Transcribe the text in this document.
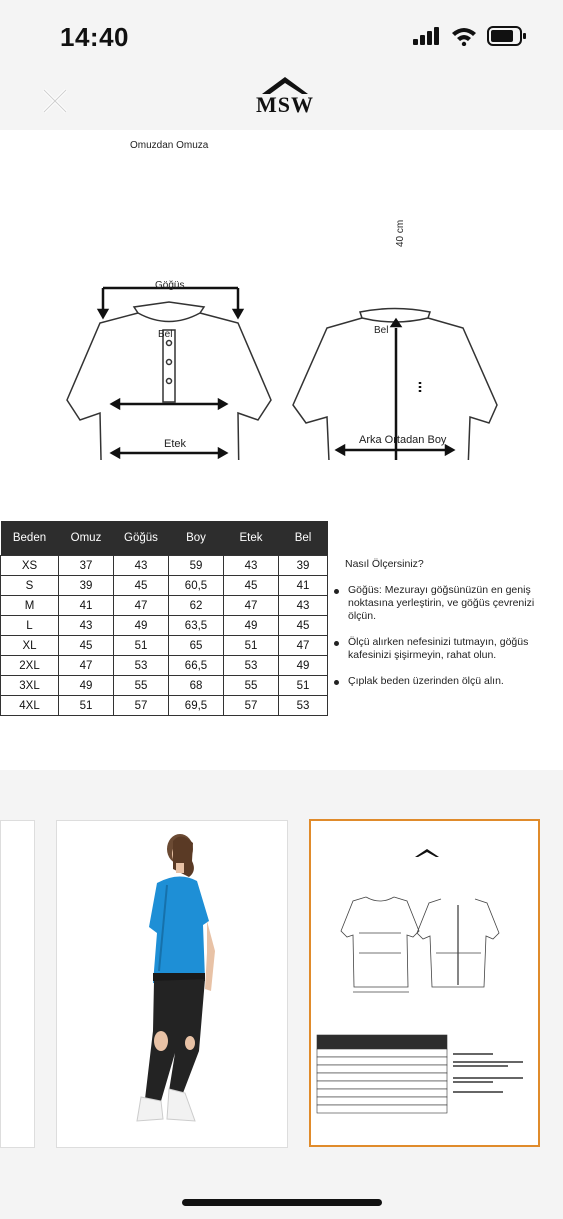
14:40
MSW
Omuzdan Omuza
Göğüs
Bel
Etek
Bel
40 cm
Arka Ortadan Boy
Beden	Omuz	Göğüs	Boy	Etek	Bel
XS	37	43	59	43	39
S	39	45	60,5	45	41
M	41	47	62	47	43
L	43	49	63,5	49	45
XL	45	51	65	51	47
2XL	47	53	66,5	53	49
3XL	49	55	68	55	51
4XL	51	57	69,5	57	53
Nasıl Ölçersiniz?
Göğüs: Mezurayı göğsünüzün en geniş noktasına yerleştirin, ve göğüs çevrenizi ölçün.
Ölçü alırken nefesinizi tutmayın, göğüs kafesinizi şişirmeyin, rahat olun.
Çıplak beden üzerinden ölçü alın.
